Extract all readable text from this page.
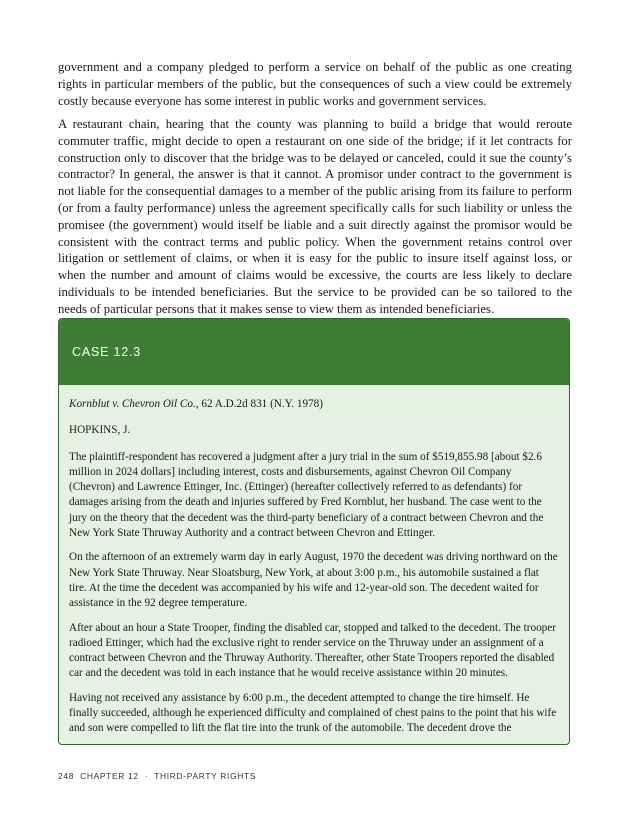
government and a company pledged to perform a service on behalf of the public as one creating rights in particular members of the public, but the consequences of such a view could be extremely costly because everyone has some interest in public works and government services.

A restaurant chain, hearing that the county was planning to build a bridge that would reroute commuter traffic, might decide to open a restaurant on one side of the bridge; if it let contracts for construction only to discover that the bridge was to be delayed or canceled, could it sue the county’s contractor? In general, the answer is that it cannot. A promisor under contract to the government is not liable for the consequential damages to a member of the public arising from its failure to perform (or from a faulty performance) unless the agreement specifically calls for such liability or unless the promisee (the government) would itself be liable and a suit directly against the promisor would be consistent with the contract terms and public policy. When the government retains control over litigation or settlement of claims, or when it is easy for the public to insure itself against loss, or when the number and amount of claims would be excessive, the courts are less likely to declare individuals to be intended beneficiaries. But the service to be provided can be so tailored to the needs of particular persons that it makes sense to view them as intended beneficiaries.

CASE 12.3

Kornblut v. Chevron Oil Co., 62 A.D.2d 831 (N.Y. 1978)

HOPKINS, J.

The plaintiff-respondent has recovered a judgment after a jury trial in the sum of $519,855.98 [about $2.6 million in 2024 dollars] including interest, costs and disbursements, against Chevron Oil Company (Chevron) and Lawrence Ettinger, Inc. (Ettinger) (hereafter collectively referred to as defendants) for damages arising from the death and injuries suffered by Fred Kornblut, her husband. The case went to the jury on the theory that the decedent was the third-party beneficiary of a contract between Chevron and the New York State Thruway Authority and a contract between Chevron and Ettinger.

On the afternoon of an extremely warm day in early August, 1970 the decedent was driving northward on the New York State Thruway. Near Sloatsburg, New York, at about 3:00 p.m., his automobile sustained a flat tire. At the time the decedent was accompanied by his wife and 12-year-old son. The decedent waited for assistance in the 92 degree temperature.

After about an hour a State Trooper, finding the disabled car, stopped and talked to the decedent. The trooper radioed Ettinger, which had the exclusive right to render service on the Thruway under an assignment of a contract between Chevron and the Thruway Authority. Thereafter, other State Troopers reported the disabled car and the decedent was told in each instance that he would receive assistance within 20 minutes.

Having not received any assistance by 6:00 p.m., the decedent attempted to change the tire himself. He finally succeeded, although he experienced difficulty and complained of chest pains to the point that his wife and son were compelled to lift the flat tire into the trunk of the automobile. The decedent drove the

248 CHAPTER 12 · THIRD-PARTY RIGHTS
